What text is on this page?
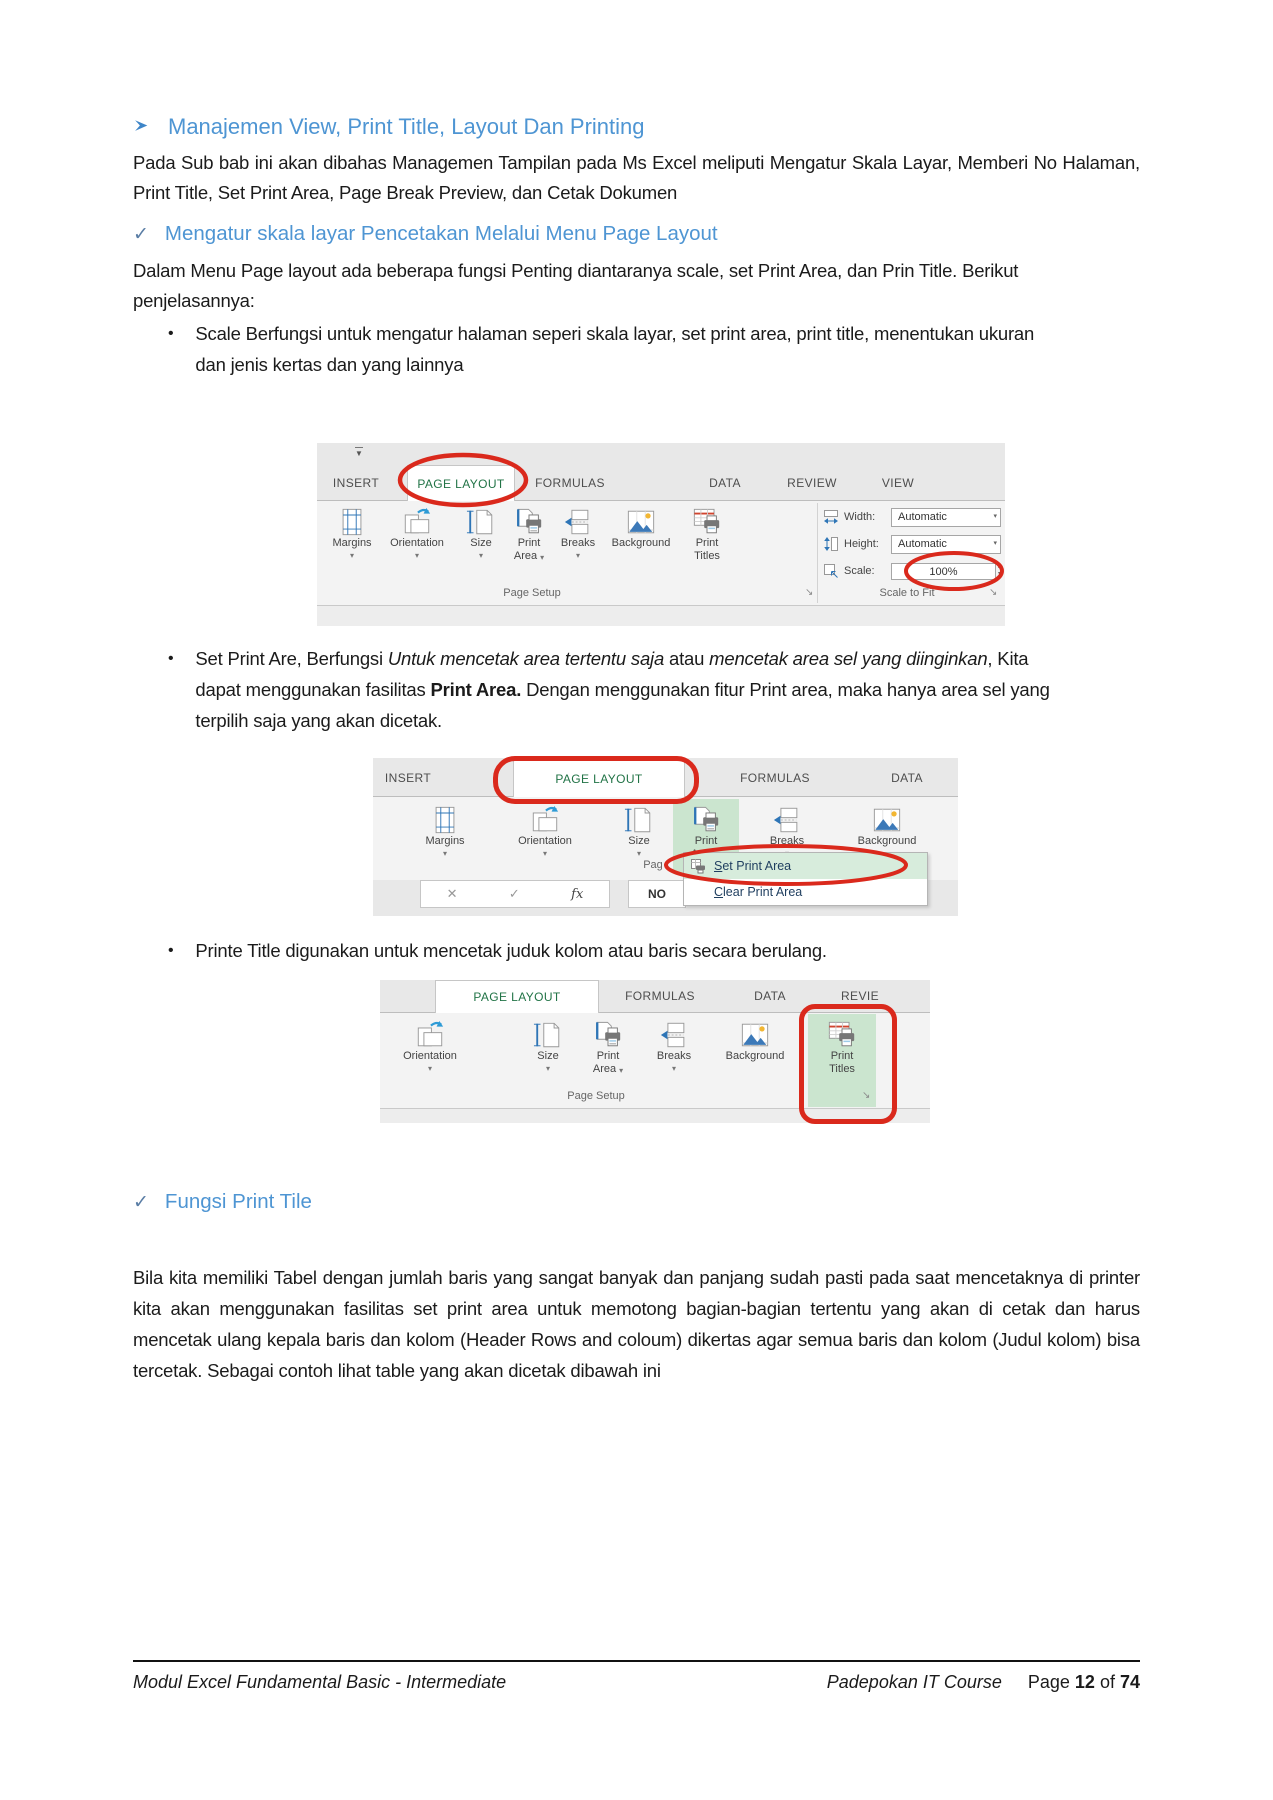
Manajemen View, Print Title, Layout Dan Printing
Pada Sub bab ini akan dibahas Managemen Tampilan pada Ms Excel meliputi Mengatur Skala Layar, Memberi No Halaman, Print Title, Set Print Area, Page Break Preview, dan Cetak Dokumen
✓ Mengatur skala layar Pencetakan Melalui Menu Page Layout
Dalam Menu Page layout ada beberapa fungsi Penting diantaranya scale, set Print Area, dan Prin Title. Berikut penjelasannya:
• Scale Berfungsi untuk mengatur halaman seperi skala layar, set print area, print title, menentukan ukuran dan jenis kertas dan yang lainnya
▼
INSERT	PAGE LAYOUT	FORMULAS	DATA	REVIEW	VIEW
Margins
▾
Orientation
▾
Size
▾
Print
Area ▾
Breaks
▾
Background Print
Titles
Width:	Automatic	▾
Height:	Automatic	▾
Scale:	100%	▴
▾
Page Setup	↘	Scale to Fit	↘
• Set Print Are, Berfungsi Untuk mencetak area tertentu saja atau mencetak area sel yang diinginkan, Kita dapat menggunakan fasilitas Print Area. Dengan menggunakan fitur Print area, maka hanya area sel yang terpilih saja yang akan dicetak.
INSERT	PAGE LAYOUT	FORMULAS	DATA
Margins
▾
Orientation
▾
Size
▾
Print	Breaks	Background
Pag
✕	✓	fx	NO
Set Print Area
Clear Print Area
• Printe Title digunakan untuk mencetak juduk kolom atau baris secara berulang.
PAGE LAYOUT	FORMULAS	DATA	REVIE
Orientation
▾
Size
▾
Print
Area ▾
Breaks
▾
Background	Print
Titles
Page Setup	↘
✓ Fungsi Print Tile
Bila kita memiliki Tabel dengan jumlah baris yang sangat banyak dan panjang sudah pasti pada saat mencetaknya di printer kita akan menggunakan fasilitas set print area untuk memotong bagian-bagian tertentu yang akan di cetak dan harus mencetak ulang kepala baris dan kolom (Header Rows and coloum) dikertas agar semua baris dan kolom (Judul kolom) bisa tercetak. Sebagai contoh lihat table yang akan dicetak dibawah ini
Modul Excel Fundamental Basic - Intermediate	Padepokan IT Course Page 12 of 74
